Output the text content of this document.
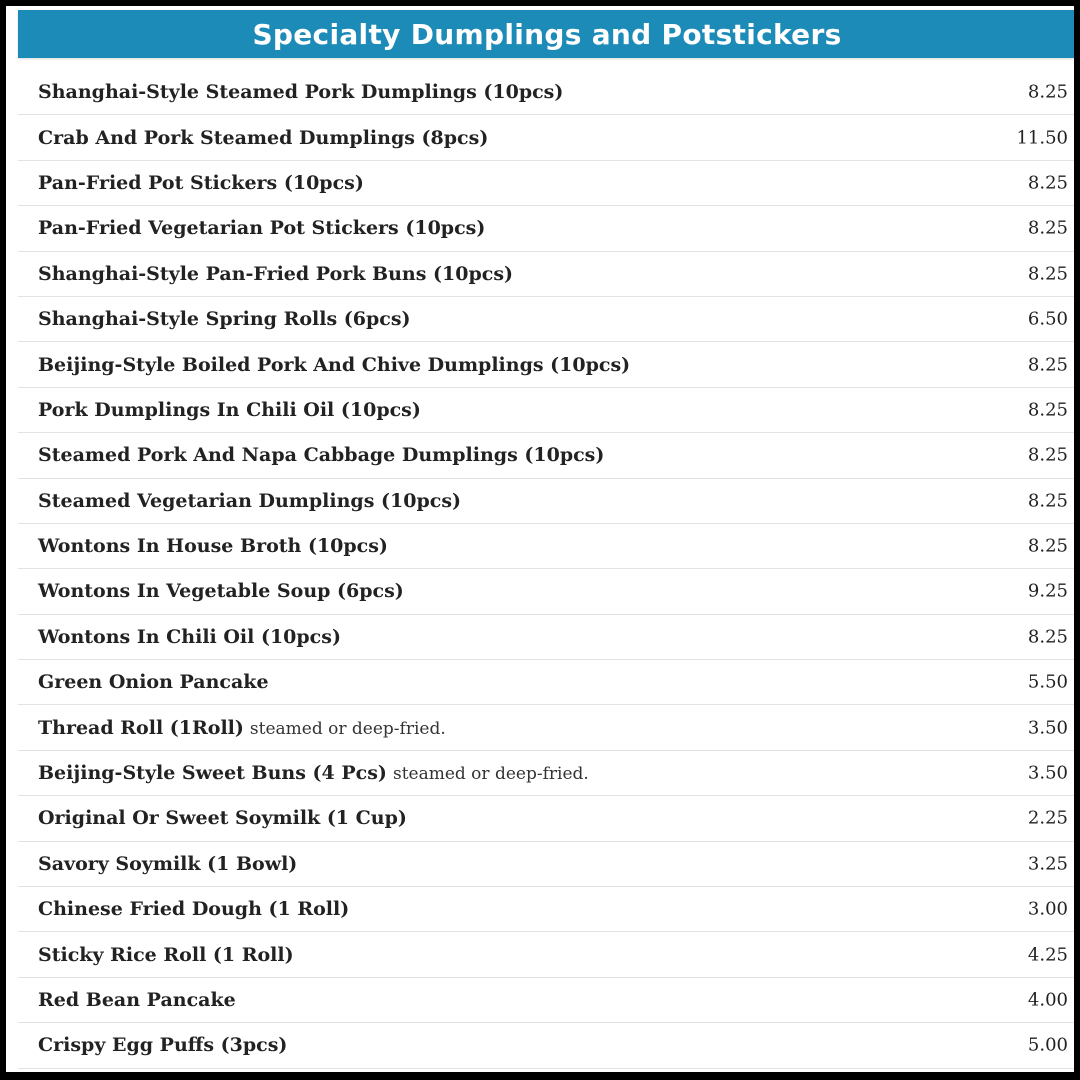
Specialty Dumplings and Potstickers
Shanghai-Style Steamed Pork Dumplings (10pcs)	8.25
Crab And Pork Steamed Dumplings (8pcs)	11.50
Pan-Fried Pot Stickers (10pcs)	8.25
Pan-Fried Vegetarian Pot Stickers (10pcs)	8.25
Shanghai-Style Pan-Fried Pork Buns (10pcs)	8.25
Shanghai-Style Spring Rolls (6pcs)	6.50
Beijing-Style Boiled Pork And Chive Dumplings (10pcs)	8.25
Pork Dumplings In Chili Oil (10pcs)	8.25
Steamed Pork And Napa Cabbage Dumplings (10pcs)	8.25
Steamed Vegetarian Dumplings (10pcs)	8.25
Wontons In House Broth (10pcs)	8.25
Wontons In Vegetable Soup (6pcs)	9.25
Wontons In Chili Oil (10pcs)	8.25
Green Onion Pancake	5.50
Thread Roll (1Roll) steamed or deep-fried.	3.50
Beijing-Style Sweet Buns (4 Pcs) steamed or deep-fried.	3.50
Original Or Sweet Soymilk (1 Cup)	2.25
Savory Soymilk (1 Bowl)	3.25
Chinese Fried Dough (1 Roll)	3.00
Sticky Rice Roll (1 Roll)	4.25
Red Bean Pancake	4.00
Crispy Egg Puffs (3pcs)	5.00
